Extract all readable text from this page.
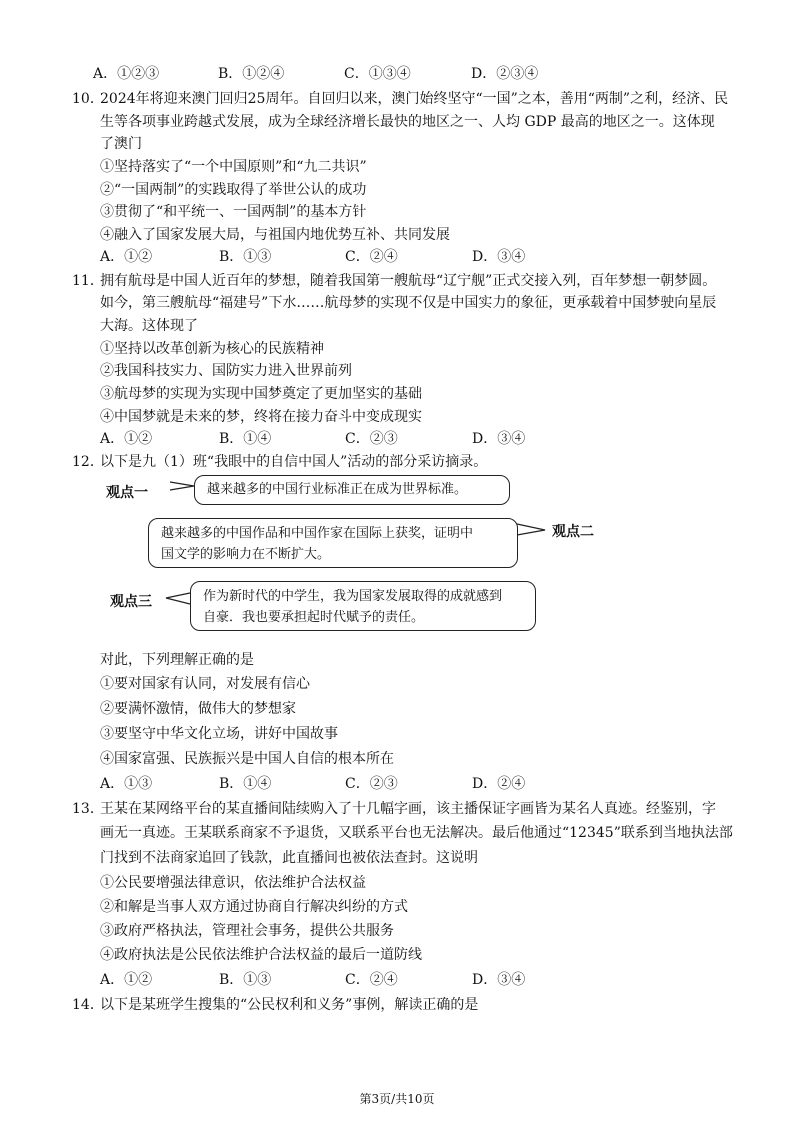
A．①②③	B．①②④	C．①③④	D．②③④
10．
2024年将迎来澳门回归25周年。自回归以来，澳门始终坚守“一国”之本，善用“两制”之利，经济、民
生等各项事业跨越式发展，成为全球经济增长最快的地区之一、人均 GDP 最高的地区之一。这体现
了澳门
①坚持落实了“一个中国原则”和“九二共识”
②“一国两制”的实践取得了举世公认的成功
③贯彻了“和平统一、一国两制”的基本方针
④融入了国家发展大局，与祖国内地优势互补、共同发展
A．①②	B．①③	C．②④	D．③④
11．
拥有航母是中国人近百年的梦想，随着我国第一艘航母“辽宁舰”正式交接入列，百年梦想一朝梦圆。
如今，第三艘航母“福建号”下水……航母梦的实现不仅是中国实力的象征，更承载着中国梦驶向星辰
大海。这体现了
①坚持以改革创新为核心的民族精神
②我国科技实力、国防实力进入世界前列
③航母梦的实现为实现中国梦奠定了更加坚实的基础
④中国梦就是未来的梦，终将在接力奋斗中变成现实
A．①②	B．①④	C．②③	D．③④
12．
以下是九（1）班“我眼中的自信中国人”活动的部分采访摘录。
观点一	越来越多的中国行业标准正在成为世界标准。
越来越多的中国作品和中国作家在国际上获奖，证明中
国文学的影响力在不断扩大。
观点二
观点三	作为新时代的中学生，我为国家发展取得的成就感到
自豪．我也要承担起时代赋予的责任。
对此，下列理解正确的是
①要对国家有认同，对发展有信心
②要满怀激情，做伟大的梦想家
③要坚守中华文化立场，讲好中国故事
④国家富强、民族振兴是中国人自信的根本所在
A．①③	B．①④	C．②③	D．②④
13．
王某在某网络平台的某直播间陆续购入了十几幅字画，该主播保证字画皆为某名人真迹。经鉴别，字
画无一真迹。王某联系商家不予退货，又联系平台也无法解决。最后他通过“12345”联系到当地执法部
门找到不法商家追回了钱款，此直播间也被依法查封。这说明
①公民要增强法律意识，依法维护合法权益
②和解是当事人双方通过协商自行解决纠纷的方式
③政府严格执法，管理社会事务，提供公共服务
④政府执法是公民依法维护合法权益的最后一道防线
A．①②	B．①③	C．②④	D．③④
14．
以下是某班学生搜集的“公民权利和义务”事例，解读正确的是
第3页/共10页
